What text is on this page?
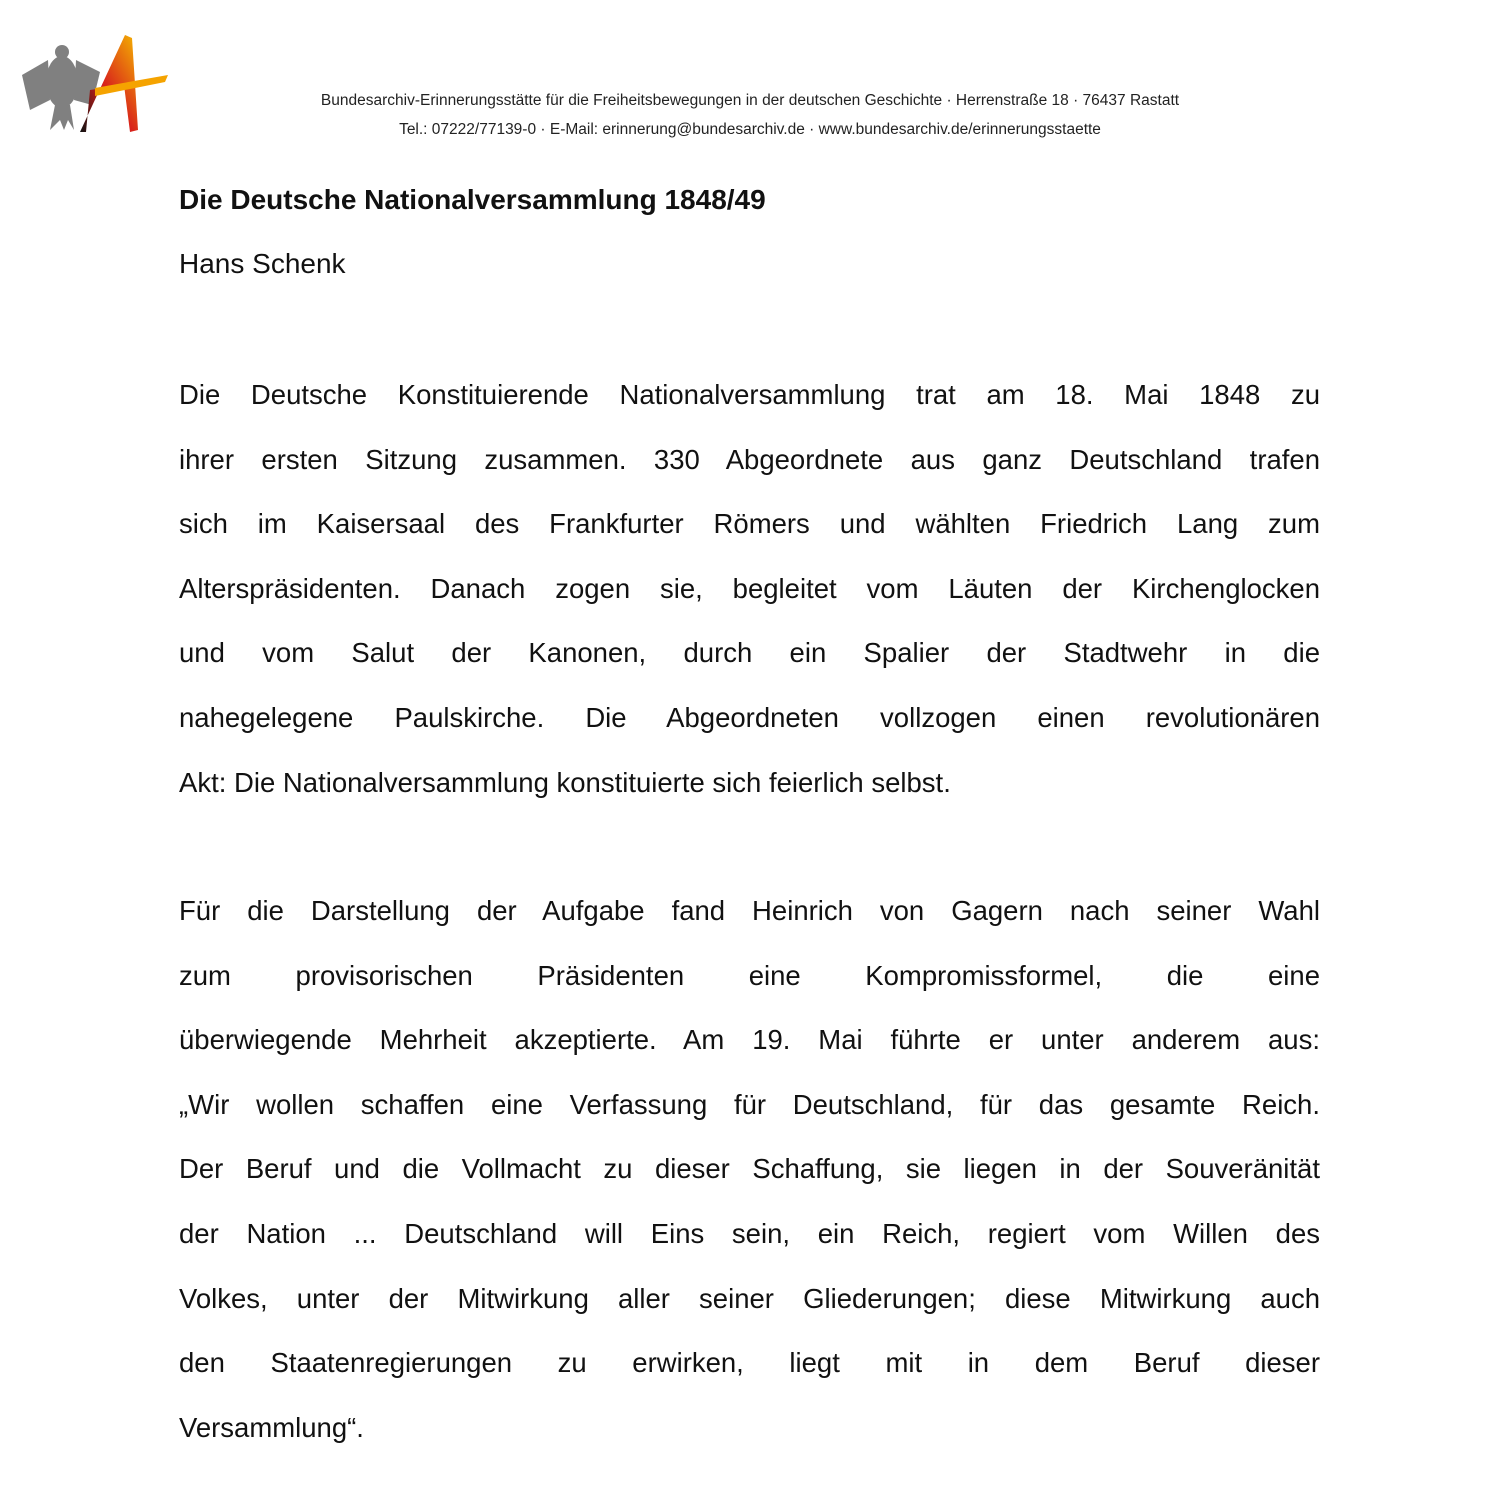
Bundesarchiv-Erinnerungsstätte für die Freiheitsbewegungen in der deutschen Geschichte · Herrenstraße 18 · 76437 Rastatt
Tel.: 07222/77139-0 · E-Mail: erinnerung@bundesarchiv.de · www.bundesarchiv.de/erinnerungsstaette
Die Deutsche Nationalversammlung 1848/49
Hans Schenk
Die Deutsche Konstituierende Nationalversammlung trat am 18. Mai 1848 zu
ihrer ersten Sitzung zusammen. 330 Abgeordnete aus ganz Deutschland trafen
sich im Kaisersaal des Frankfurter Römers und wählten Friedrich Lang zum
Alterspräsidenten. Danach zogen sie, begleitet vom Läuten der Kirchenglocken
und vom Salut der Kanonen, durch ein Spalier der Stadtwehr in die
nahegelegene Paulskirche. Die Abgeordneten vollzogen einen revolutionären
Akt: Die Nationalversammlung konstituierte sich feierlich selbst.
Für die Darstellung der Aufgabe fand Heinrich von Gagern nach seiner Wahl
zum provisorischen Präsidenten eine Kompromissformel, die eine
überwiegende Mehrheit akzeptierte. Am 19. Mai führte er unter anderem aus:
„Wir wollen schaffen eine Verfassung für Deutschland, für das gesamte Reich.
Der Beruf und die Vollmacht zu dieser Schaffung, sie liegen in der Souveränität
der Nation ... Deutschland will Eins sein, ein Reich, regiert vom Willen des
Volkes, unter der Mitwirkung aller seiner Gliederungen; diese Mitwirkung auch
den Staatenregierungen zu erwirken, liegt mit in dem Beruf dieser
Versammlung“.
